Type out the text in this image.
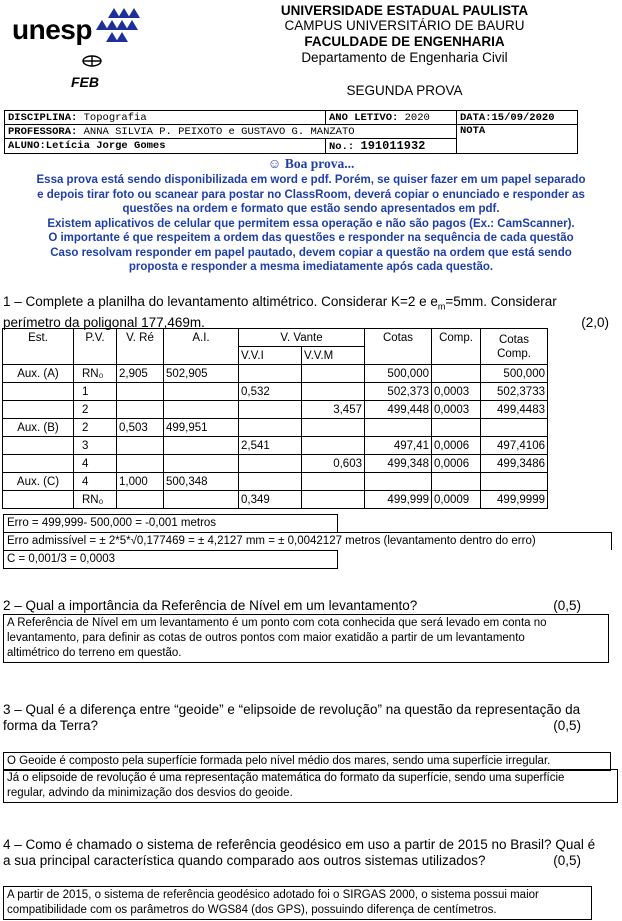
unesp
FEB
UNIVERSIDADE ESTADUAL PAULISTA
CAMPUS UNIVERSITÁRIO DE BAURU
FACULDADE DE ENGENHARIA
Departamento de Engenharia Civil
SEGUNDA PROVA
DISCIPLINA: Topografia	ANO LETIVO: 2020	DATA:15/09/2020
PROFESSORA: ANNA SILVIA P. PEIXOTO e GUSTAVO G. MANZATO		NOTA
ALUNO:Letícia Jorge Gomes	No.: 191011932	
☺ Boa prova...
Essa prova está sendo disponibilizada em word e pdf. Porém, se quiser fazer em um papel separado
e depois tirar foto ou scanear para postar no ClassRoom, deverá copiar o enunciado e responder as
questões na ordem e formato que estão sendo apresentados em pdf.
Existem aplicativos de celular que permitem essa operação e não são pagos (Ex.: CamScanner).
O importante é que respeitem a ordem das questões e responder na sequência de cada questão
Caso resolvam responder em papel pautado, devem copiar a questão na ordem que está sendo
proposta e responder a mesma imediatamente após cada questão.
1 – Complete a planilha do levantamento altimétrico. Considerar K=2 e $e_m=5mm$. Considerar
perímetro da poligonal 177,469m.	(2,0)
Est.	P.V.	V. Ré	A.I.	V. Vante		Cotas	Comp.	Cotas
Comp.
				V.V.I	V.V.M			
Aux. (A)	RN₀	2,905	502,905			500,000		500,000
	1			0,532		502,373	0,0003	502,3733
	2				3,457	499,448	0,0003	499,4483
Aux. (B)	2	0,503	499,951					
	3			2,541		497,41	0,0006	497,4106
	4				0,603	499,348	0,0006	499,3486
Aux. (C)	4	1,000	500,348					
	RN₀			0,349		499,999	0,0009	499,9999
Erro = 499,999- 500,000 = -0,001 metros
Erro admissível = ± 2*5*√0,177469 = ± 4,2127 mm = ± 0,0042127 metros (levantamento dentro do erro)
C = 0,001/3 = 0,0003
2 – Qual a importância da Referência de Nível em um levantamento?	(0,5)
A Referência de Nível em um levantamento é um ponto com cota conhecida que será levado em conta no
levantamento, para definir as cotas de outros pontos com maior exatidão a partir de um levantamento
altimétrico do terreno em questão.
3 – Qual é a diferença entre “geoide” e “elipsoide de revolução” na questão da representação da
forma da Terra?	(0,5)
O Geoide é composto pela superfície formada pelo nível médio dos mares, sendo uma superfície irregular.
Já o elipsoide de revolução é uma representação matemática do formato da superfície, sendo uma superfície
regular, advindo da minimização dos desvios do geoide.
4 – Como é chamado o sistema de referência geodésico em uso a partir de 2015 no Brasil? Qual é
a sua principal característica quando comparado aos outros sistemas utilizados?	(0,5)
A partir de 2015, o sistema de referência geodésico adotado foi o SIRGAS 2000, o sistema possui maior
compatibilidade com os parâmetros do WGS84 (dos GPS), possuindo diferença de centímetros.
